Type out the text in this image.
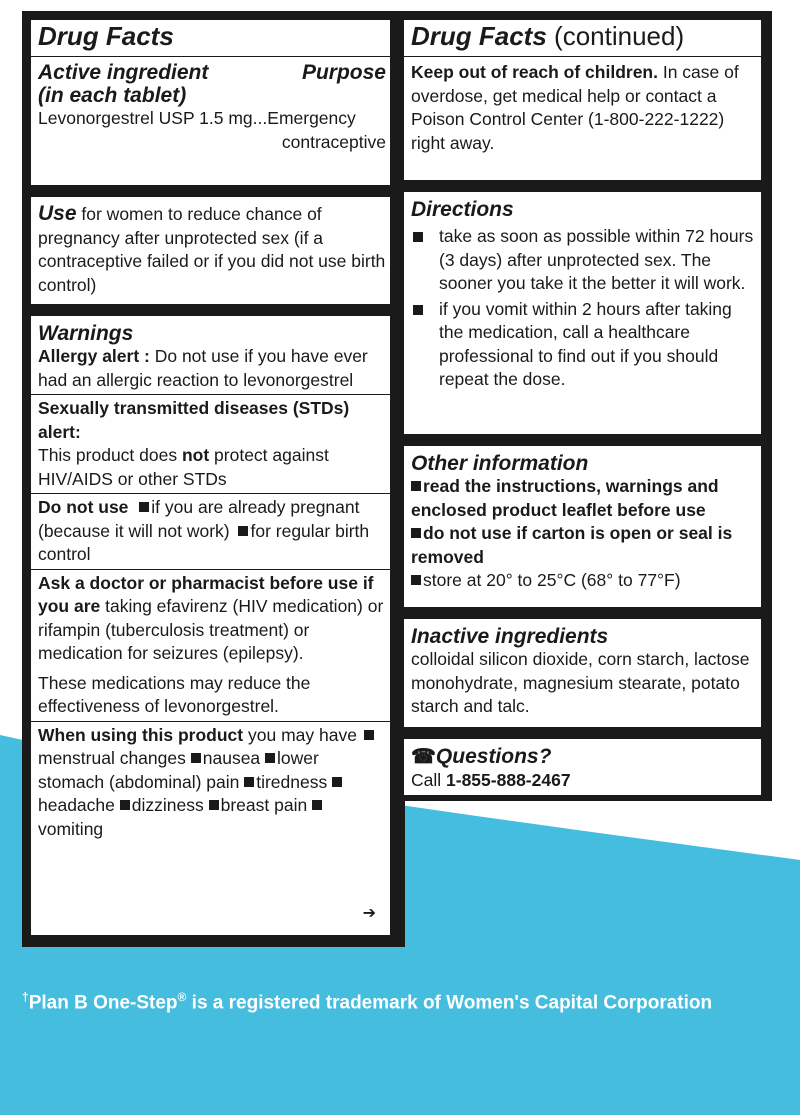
Drug Facts
Active ingredient
(in each tablet)
Purpose
Levonorgestrel USP 1.5 mg...Emergency
contraceptive
Use for women to reduce chance of pregnancy after unprotected sex (if a contraceptive failed or if you did not use birth control)
Warnings
Allergy alert : Do not use if you have ever had an allergic reaction to levonorgestrel
Sexually transmitted diseases (STDs) alert:
This product does not protect against HIV/AIDS or other STDs
Do not use if you are already pregnant (because it will not work) for regular birth control
Ask a doctor or pharmacist before use if you are taking efavirenz (HIV medication) or rifampin (tuberculosis treatment) or medication for seizures (epilepsy).
These medications may reduce the effectiveness of levonorgestrel.
When using this product you may have menstrual changes nausea lower stomach (abdominal) pain tiredness headache dizziness breast pain vomiting
➔
Drug Facts (continued)
Keep out of reach of children. In case of overdose, get medical help or contact a Poison Control Center (1-800-222-1222) right away.
Directions
take as soon as possible within 72 hours (3 days) after unprotected sex. The sooner you take it the better it will work.
if you vomit within 2 hours after taking the medication, call a healthcare professional to find out if you should repeat the dose.
Other information
read the instructions, warnings and enclosed product leaflet before use
do not use if carton is open or seal is removed
store at 20° to 25°C (68° to 77°F)
Inactive ingredients
colloidal silicon dioxide, corn starch, lactose monohydrate, magnesium stearate, potato starch and talc.
☎Questions?
Call 1-855-888-2467
†Plan B One-Step® is a registered trademark of Women's Capital Corporation
